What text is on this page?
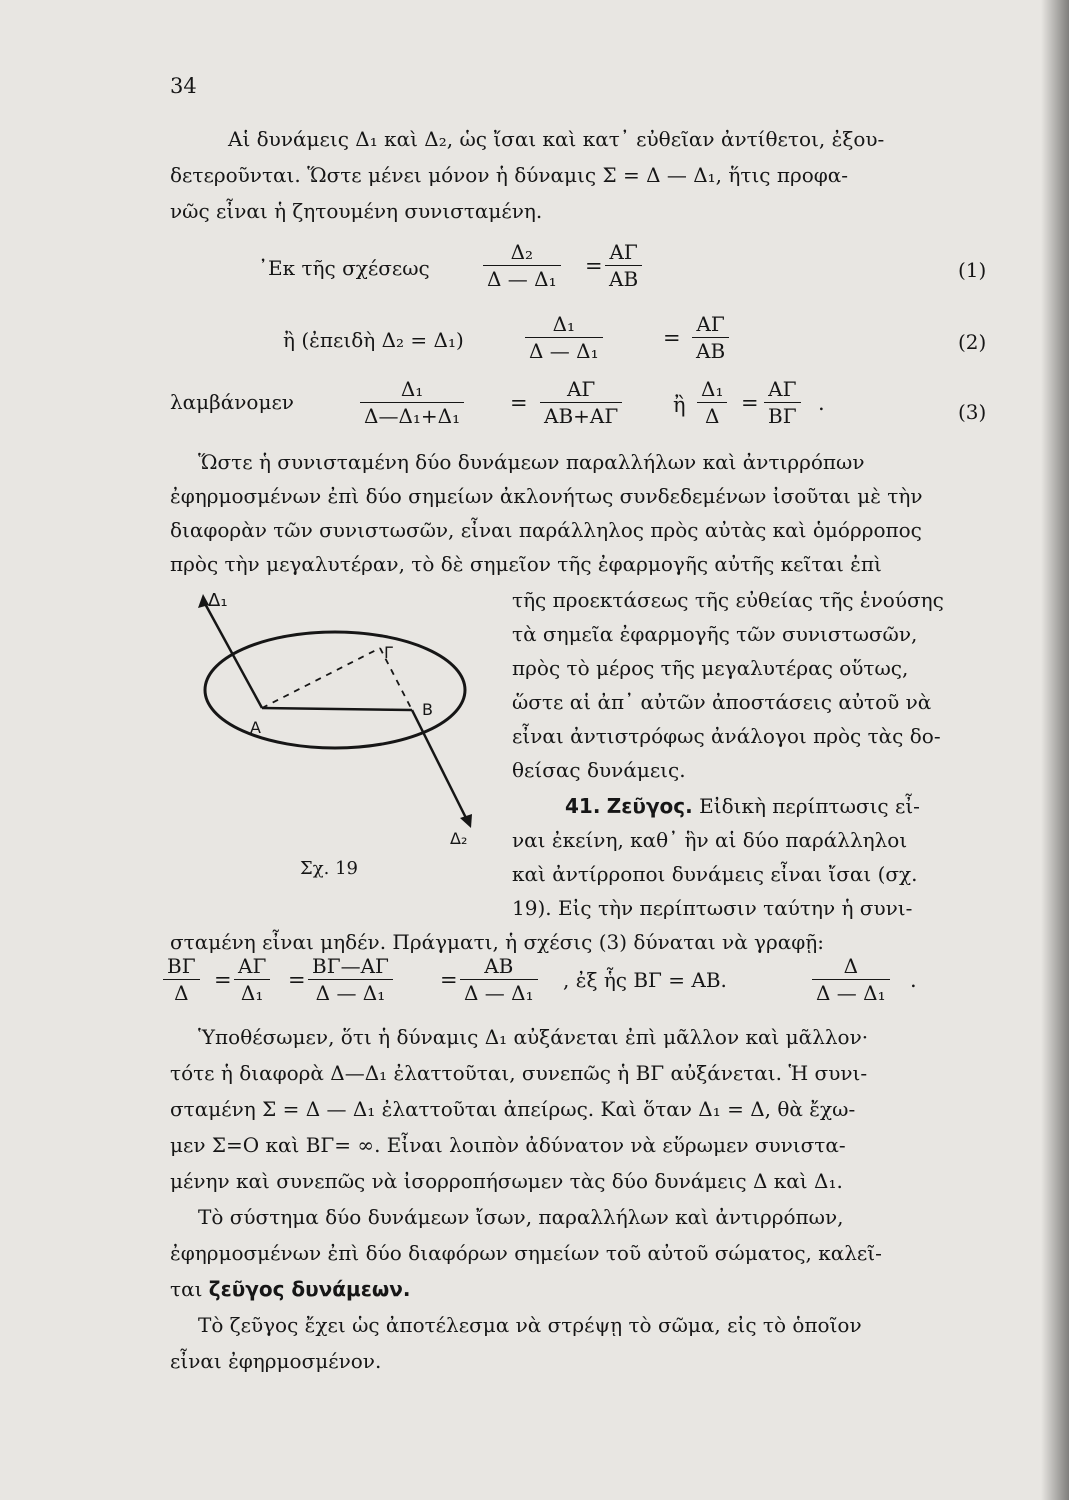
34
Αἱ δυνάμεις Δ₁ καὶ Δ₂, ὡς ἴσαι καὶ κατ᾽ εὐθεῖαν ἀντίθετοι, ἐξου-
δετεροῦνται. Ὥστε μένει μόνον ἡ δύναμις Σ = Δ — Δ₁, ἥτις προφα-
νῶς εἶναι ἡ ζητουμένη συνισταμένη.
᾿Εκ τῆς σχέσεως	$\frac{\text{Δ₂}}{\text{Δ — Δ₁}} = \frac{A\Gamma}{AB}$	(1)
ἢ (ἐπειδὴ Δ₂ = Δ₁)	$\frac{\text{Δ₁}}{\text{Δ — Δ₁}}$	= $\frac{A\Gamma}{AB}$	(2)
λαμβάνομεν	$\frac{\text{Δ₁}}{\text{Δ—Δ₁+Δ₁}} = \frac{A\Gamma}{AB+A\Gamma}$ ἢ $\frac{\text{Δ₁}}{\Delta} = \frac{A\Gamma}{B\Gamma}$ .	(3)
Ὥστε ἡ συνισταμένη δύο δυνάμεων παραλλήλων καὶ ἀντιρρόπων
ἐφηρμοσμένων ἐπὶ δύο σημείων ἀκλονήτως συνδεδεμένων ἰσοῦται μὲ τὴν
διαφορὰν τῶν συνιστωσῶν, εἶναι παράλληλος πρὸς αὐτὰς καὶ ὁμόρροπος
πρὸς τὴν μεγαλυτέραν, τὸ δὲ σημεῖον τῆς ἐφαρμογῆς αὐτῆς κεῖται ἐπὶ
τῆς προεκτάσεως τῆς εὐθείας τῆς ἑνούσης
τὰ σημεῖα ἐφαρμογῆς τῶν συνιστωσῶν,
πρὸς τὸ μέρος τῆς μεγαλυτέρας οὕτως,
ὥστε αἱ ἀπ᾽ αὐτῶν ἀποστάσεις αὐτοῦ νὰ
εἶναι ἀντιστρόφως ἀνάλογοι πρὸς τὰς δο-
θείσας δυνάμεις.
41. Ζεῦγος. Εἰδικὴ περίπτωσις εἶ-
ναι ἐκείνη, καθ᾽ ἣν αἱ δύο παράλληλοι
καὶ ἀντίρροποι δυνάμεις εἶναι ἴσαι (σχ.
19). Εἰς τὴν περίπτωσιν ταύτην ἡ συνι-
Δ₁
Δ₂
Α
Β
Γ
Σχ. 19
σταμένη εἶναι μηδέν. Πράγματι, ἡ σχέσις (3) δύναται νὰ γραφῇ:
$\frac{B\Gamma}{\Delta} = \frac{A\Gamma}{\text{Δ₁}} = \frac{B\Gamma—A\Gamma}{\text{Δ — Δ₁}} = \frac{AB}{\text{Δ — Δ₁}}$ , ἐξ ἧς ΒΓ = ΑΒ.	$\frac{\Delta}{\text{Δ — Δ₁}}$ .
Ὑποθέσωμεν, ὅτι ἡ δύναμις Δ₁ αὐξάνεται ἐπὶ μᾶλλον καὶ μᾶλλον·
τότε ἡ διαφορὰ Δ—Δ₁ ἐλαττοῦται, συνεπῶς ἡ ΒΓ αὐξάνεται. Ἡ συνι-
σταμένη Σ = Δ — Δ₁ ἐλαττοῦται ἀπείρως. Καὶ ὅταν Δ₁ = Δ, θὰ ἔχω-
μεν Σ=Ο καὶ ΒΓ= ∞. Εἶναι λοιπὸν ἀδύνατον νὰ εὕρωμεν συνιστα-
μένην καὶ συνεπῶς νὰ ἰσορροπήσωμεν τὰς δύο δυνάμεις Δ καὶ Δ₁.
Τὸ σύστημα δύο δυνάμεων ἴσων, παραλλήλων καὶ ἀντιρρόπων,
ἐφηρμοσμένων ἐπὶ δύο διαφόρων σημείων τοῦ αὐτοῦ σώματος, καλεῖ-
ται ζεῦγος δυνάμεων.
Τὸ ζεῦγος ἔχει ὡς ἀποτέλεσμα νὰ στρέψῃ τὸ σῶμα, εἰς τὸ ὁποῖον
εἶναι ἐφηρμοσμένον.
